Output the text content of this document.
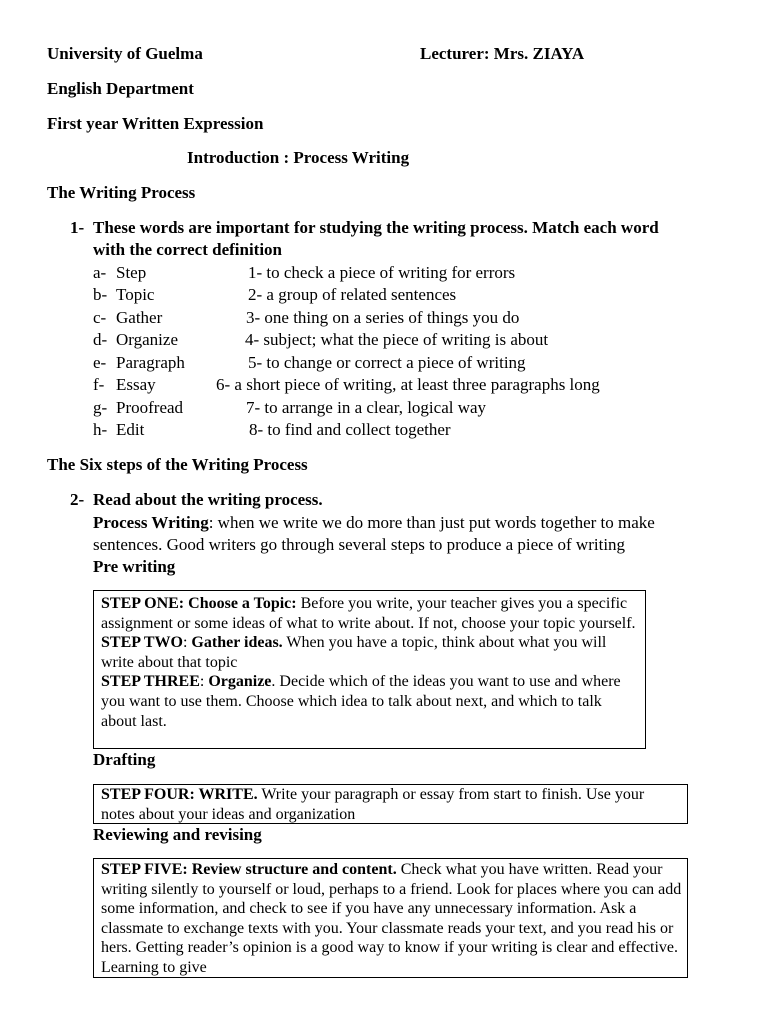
University of Guelma	Lecturer: Mrs. ZIAYA
English Department
First year Written Expression
Introduction : Process Writing
The Writing Process
1- These words are important for studying the writing process. Match each word
with the correct definition
a- Step
b- Topic
c- Gather
d- Organize
e- Paragraph
f- Essay
g- Proofread
h- Edit
1- to check a piece of writing for errors
2- a group of related sentences
3- one thing on a series of things you do
4- subject; what the piece of writing is about
5- to change or correct a piece of writing
6- a short piece of writing, at least three paragraphs long
7- to arrange in a clear, logical way
8- to find and collect together
The Six steps of the Writing Process
2- Read about the writing process.
Process Writing: when we write we do more than just put words together to make
sentences. Good writers go through several steps to produce a piece of writing
Pre writing

STEP ONE: Choose a Topic: Before you write, your teacher gives you a specific assignment or some ideas of what to write about. If not, choose your topic yourself.

STEP TWO: Gather ideas. When you have a topic, think about what you will write about that topic

STEP THREE: Organize. Decide which of the ideas you want to use and where you want to use them. Choose which idea to talk about next, and which to talk about last.

Drafting

STEP FOUR: WRITE. Write your paragraph or essay from start to finish. Use your notes about your ideas and organization

Reviewing and revising

STEP FIVE: Review structure and content. Check what you have written. Read your writing silently to yourself or loud, perhaps to a friend. Look for places where you can add some information, and check to see if you have any unnecessary information. Ask a classmate to exchange texts with you. Your classmate reads your text, and you read his or hers. Getting reader’s opinion is a good way to know if your writing is clear and effective. Learning to give
